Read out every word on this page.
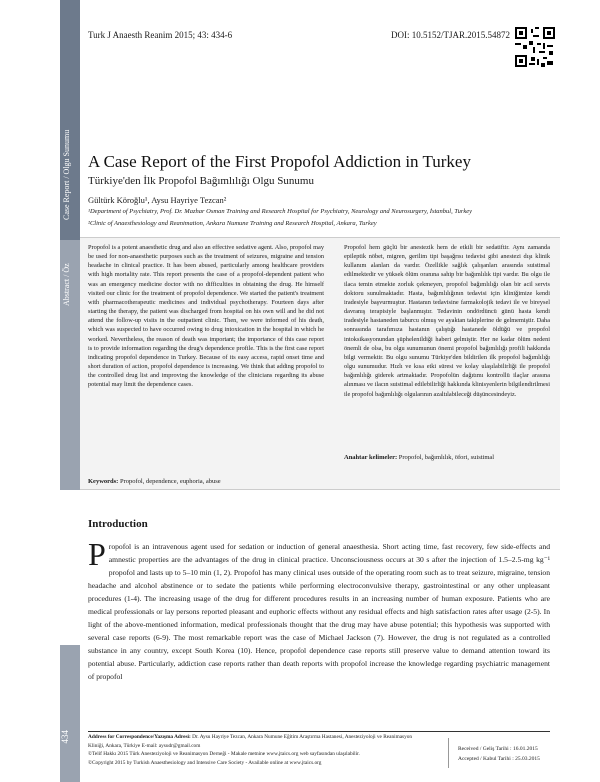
Case Report / Olgu Sunumu
Abstract / Öz
434
Turk J Anaesth Reanim 2015; 43: 434-6	DOI: 10.5152/TJAR.2015.54872
A Case Report of the First Propofol Addiction in Turkey
Türkiye'den İlk Propofol Bağımlılığı Olgu Sunumu
Gültürk Köroğlu¹, Aysu Hayriye Tezcan²
¹Department of Psychiatry, Prof. Dr. Mazhar Osman Training and Research Hospital for Psychiatry, Neurology and Neurosurgery, İstanbul, Turkey
²Clinic of Anaesthesiology and Reanimation, Ankara Numune Training and Research Hospital, Ankara, Turkey
Propofol is a potent anaesthetic drug and also an effective sedative agent. Also, propofol may be used for non-anaesthetic purposes such as the treatment of seizures, migraine and tension headache in clinical practice. It has been abused, particularly among healthcare providers with high mortality rate. This report presents the case of a propofol-dependent patient who was an emergency medicine doctor with no difficulties in obtaining the drug. He himself visited our clinic for the treatment of propofol dependence. We started the patient's treatment with pharmacotherapeutic medicines and individual psychotherapy. Fourteen days after starting the therapy, the patient was discharged from hospital on his own will and he did not attend the follow-up visits in the outpatient clinic. Then, we were informed of his death, which was suspected to have occurred owing to drug intoxication in the hospital in which he worked. Nevertheless, the reason of death was important; the importance of this case report is to provide information regarding the drug's dependence profile. This is the first case report indicating propofol dependence in Turkey. Because of its easy access, rapid onset time and short duration of action, propofol dependence is increasing. We think that adding propofol to the controlled drug list and improving the knowledge of the clinicians regarding its abuse potential may limit the dependence cases.
Propofol hem güçlü bir anestezik hem de etkili bir sedatiftir. Aynı zamanda epileptik nöbet, migren, gerilim tipi başağrısı tedavisi gibi anestezi dışı klinik kullanım alanları da vardır. Özellikle sağlık çalışanları arasında suistimal edilmektedir ve yüksek ölüm oranına sahip bir bağımlılık tipi vardır. Bu olgu ile ilaca temin etmekte zorluk çekmeyen, propofol bağımlılığı olan bir acil servis doktoru sunulmaktadır. Hasta, bağımlılığının tedavisi için kliniğimize kendi iradesiyle başvurmuştur. Hastanın tedavisine farmakolojik tedavi ile ve bireysel davranış terapisiyle başlanmıştır. Tedavinin ondördüncü günü hasta kendi iradesiyle hastaneden taburcu olmuş ve ayaktan takiplerine de gelmemiştir. Daha sonrasında tarafımıza hastanın çalıştığı hastanede öldüğü ve propofol intoksikasyonundan şüphelenildiği haberi gelmiştir. Her ne kadar ölüm nedeni önemli de olsa, bu olgu sunumunun önemi propofol bağımlılığı profili hakkında bilgi vermektir. Bu olgu sunumu Türkiye'den bildirilen ilk propofol bağımlılığı olgu sunumudur. Hızlı ve kısa etki süresi ve kolay ulaşılabilirliği ile propofol bağımlılığı giderek artmaktadır. Propofolün dağıtımı kontrollü ilaçlar arasına alınması ve ilacın suistimal edilebilirliği hakkında klinisyenlerin bilgilendirilmesi ile propofol bağımlılığı olgularının azaltılabileceği düşüncesindeyiz.
Keywords: Propofol, dependence, euphoria, abuse
Anahtar kelimeler: Propofol, bağımlılık, öfori, suistimal
Introduction
P ropofol is an intravenous agent used for sedation or induction of general anaesthesia. Short acting time, fast recovery, few side-effects and amnestic properties are the advantages of the drug in clinical practice. Unconsciousness occurs at 30 s after the injection of 1.5–2.5-mg kg⁻¹ propofol and lasts up to 5–10 min (1, 2). Propofol has many clinical uses outside of the operating room such as to treat seizure, migraine, tension headache and alcohol abstinence or to sedate the patients while performing electroconvulsive therapy, gastrointestinal or any other unpleasant procedures (1-4). The increasing usage of the drug for different procedures results in an increasing number of human exposure. Patients who are medical professionals or lay persons reported pleasant and euphoric effects without any residual effects and high satisfaction rates after usage (2-5). In light of the above-mentioned information, medical professionals thought that the drug may have abuse potential; this hypothesis was supported with several case reports (6-9). The most remarkable report was the case of Michael Jackson (7). However, the drug is not regulated as a controlled substance in any country, except South Korea (10). Hence, propofol dependence case reports still preserve value to demand attention toward its potential abuse. Particularly, addiction case reports rather than death reports with propofol increase the knowledge regarding psychiatric management of propofol
Address for Correspondence/Yazışma Adresi: Dr. Aysu Hayriye Tezcan, Ankara Numune Eğitim Araştırma Hastanesi, Anesteziyoloji ve Reanimasyon Kliniği, Ankara, Türkiye E-mail: aysudr@gmail.com
©Telif Hakkı 2015 Türk Anesteziyoloji ve Reanimasyon Derneği - Makale metnine www.jtaics.org web sayfasından ulaşılabilir.
©Copyright 2015 by Turkish Anaesthesiology and Intensive Care Society - Available online at www.jtaics.org
Received / Geliş Tarihi : 16.01.2015
Accepted / Kabul Tarihi : 25.03.2015
